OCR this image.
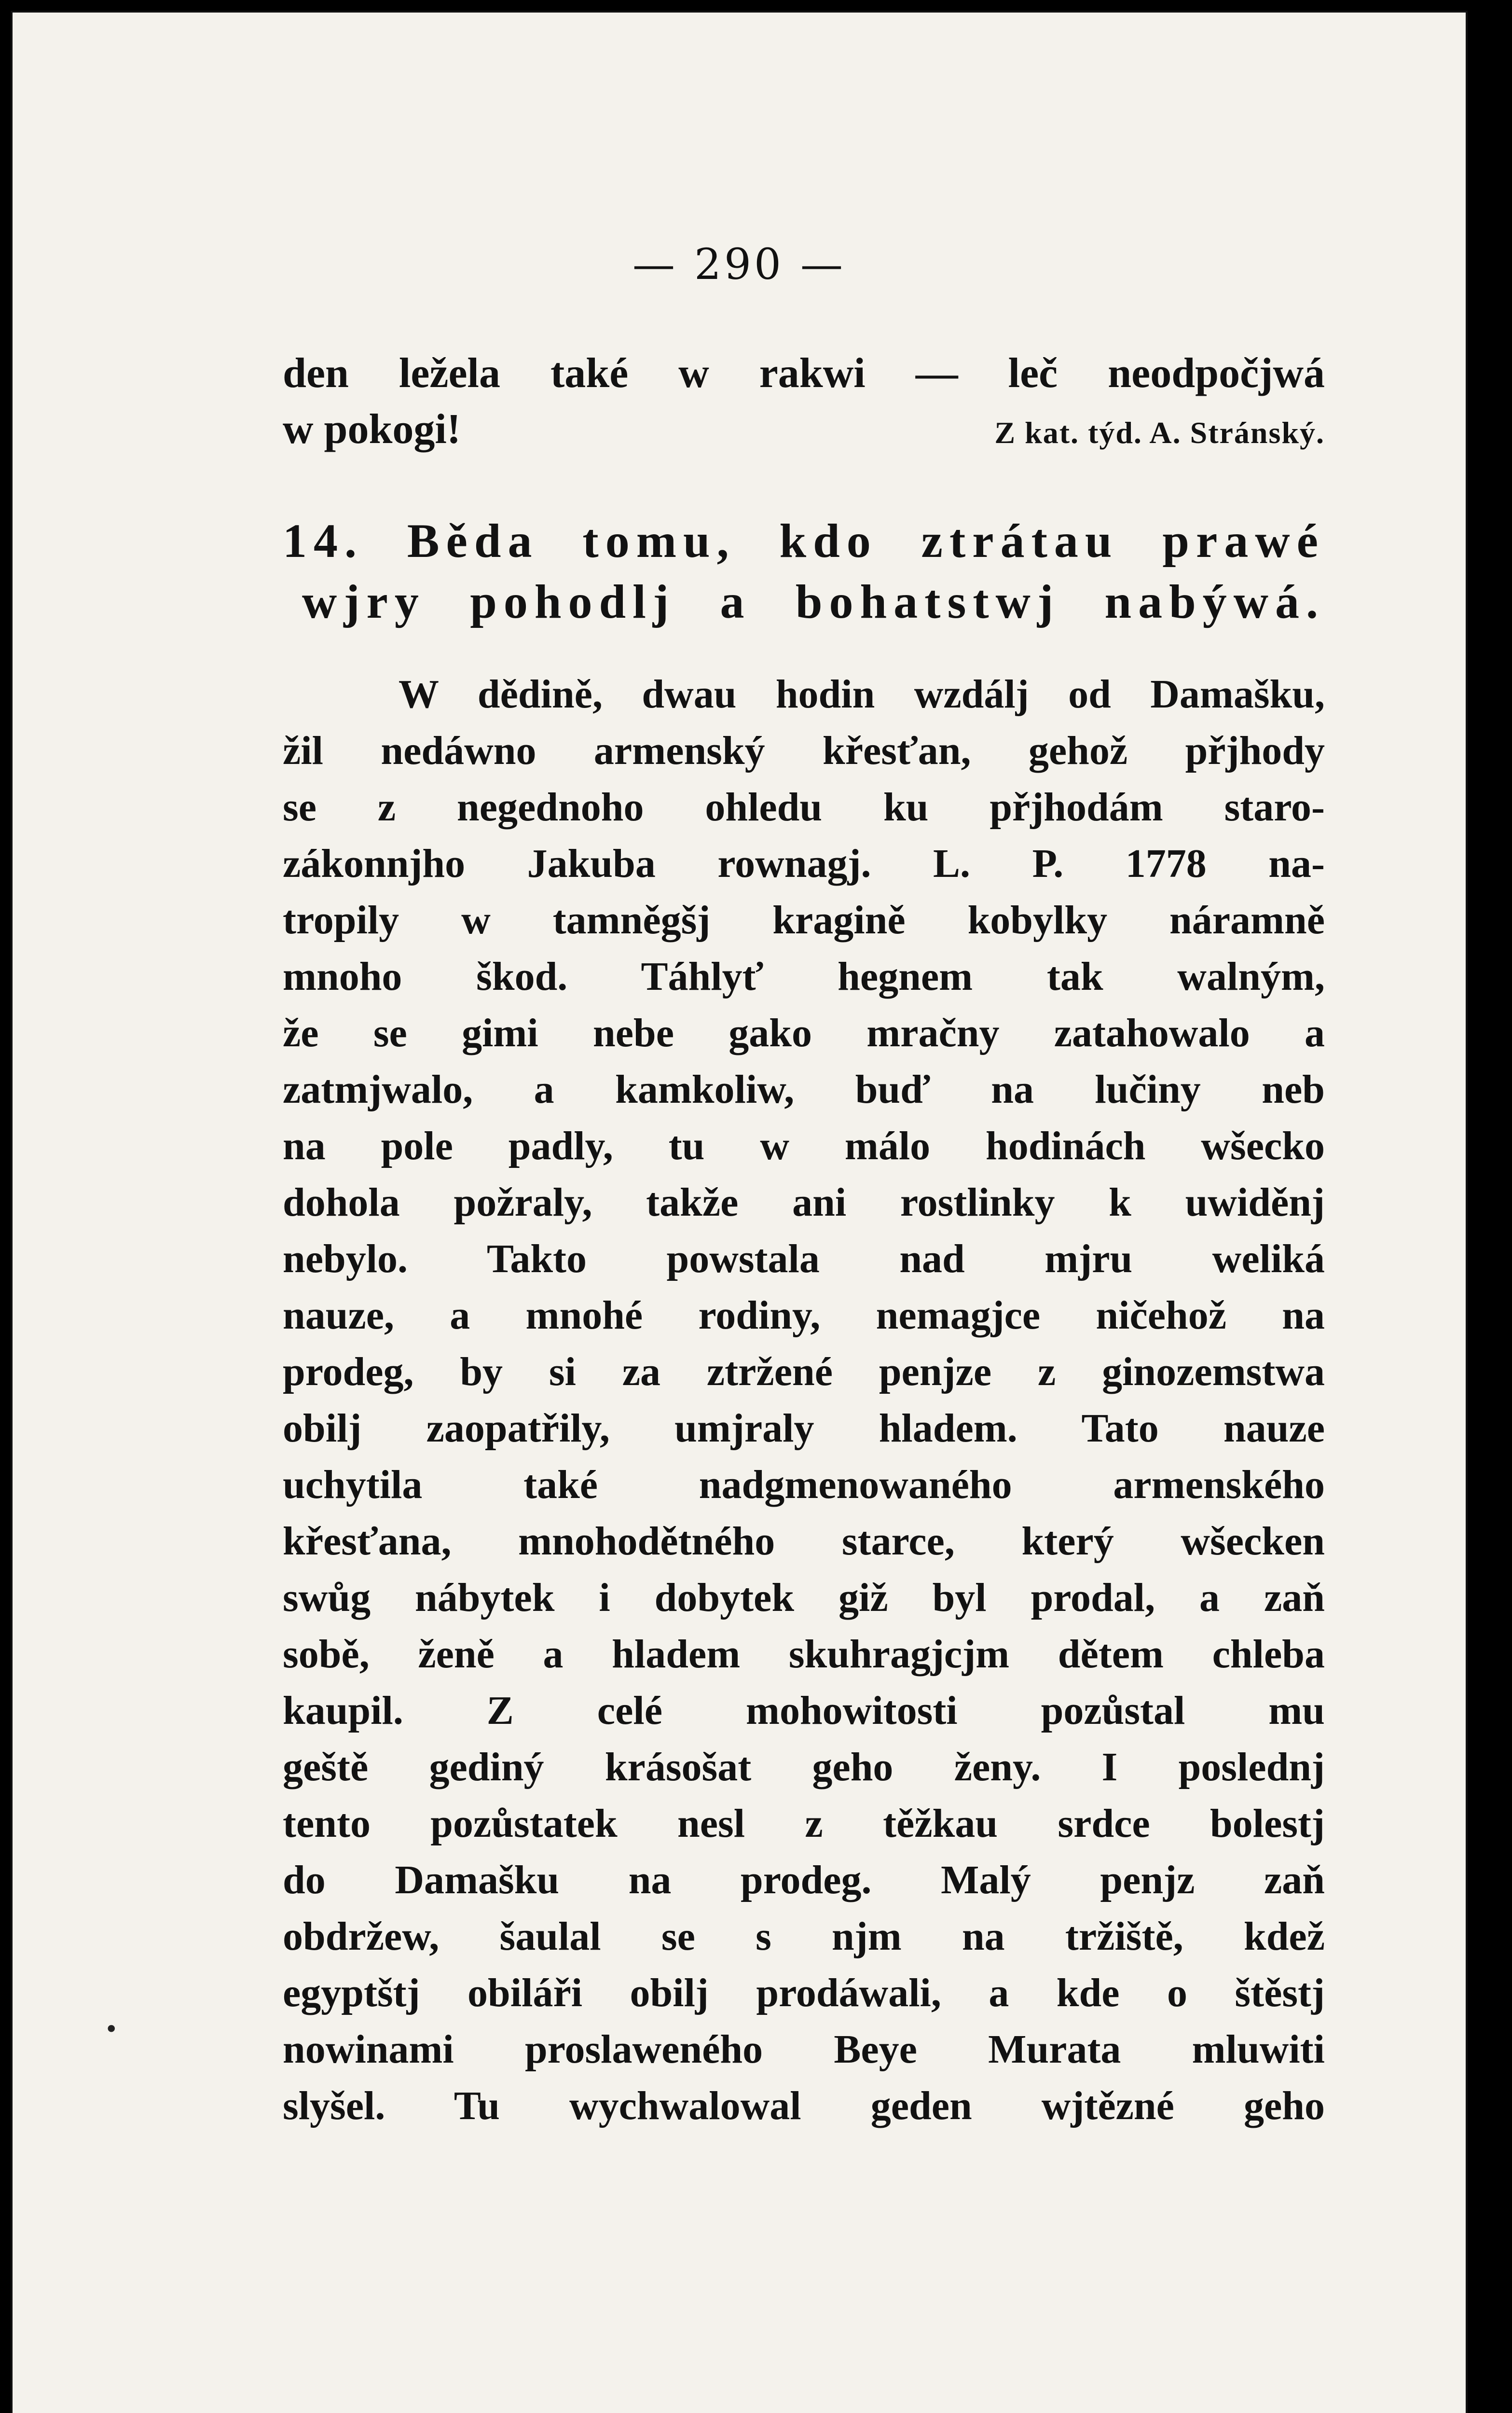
— 290 —
den ležela také w rakwi — leč neodpočjwá
w pokogi!	Z kat. týd. A. Stránský.
14. Běda tomu, kdo ztrátau prawé
wjry pohodlj a bohatstwj nabýwá.
W dědině, dwau hodin wzdálj od Damašku,
žil nedáwno armenský křesťan, gehož přjhody
se z negednoho ohledu ku přjhodám staro-
zákonnjho Jakuba rownagj. L. P. 1778 na-
tropily w tamněgšj kragině kobylky náramně
mnoho škod. Táhlyť hegnem tak walným,
že se gimi nebe gako mračny zatahowalo a
zatmjwalo, a kamkoliw, buď na lučiny neb
na pole padly, tu w málo hodinách wšecko
dohola požraly, takže ani rostlinky k uwiděnj
nebylo. Takto powstala nad mjru weliká
nauze, a mnohé rodiny, nemagjce ničehož na
prodeg, by si za ztržené penjze z ginozemstwa
obilj zaopatřily, umjraly hladem. Tato nauze
uchytila také nadgmenowaného armenského
křesťana, mnohodětného starce, který wšecken
swůg nábytek i dobytek giž byl prodal, a zaň
sobě, ženě a hladem skuhragjcjm dětem chleba
kaupil. Z celé mohowitosti pozůstal mu
geště gediný krásošat geho ženy. I poslednj
tento pozůstatek nesl z těžkau srdce bolestj
do Damašku na prodeg. Malý penjz zaň
obdržew, šaulal se s njm na tržiště, kdež
egyptštj obiláři obilj prodáwali, a kde o štěstj
nowinami proslaweného Beye Murata mluwiti
slyšel. Tu wychwalowal geden wjtězné geho
•
